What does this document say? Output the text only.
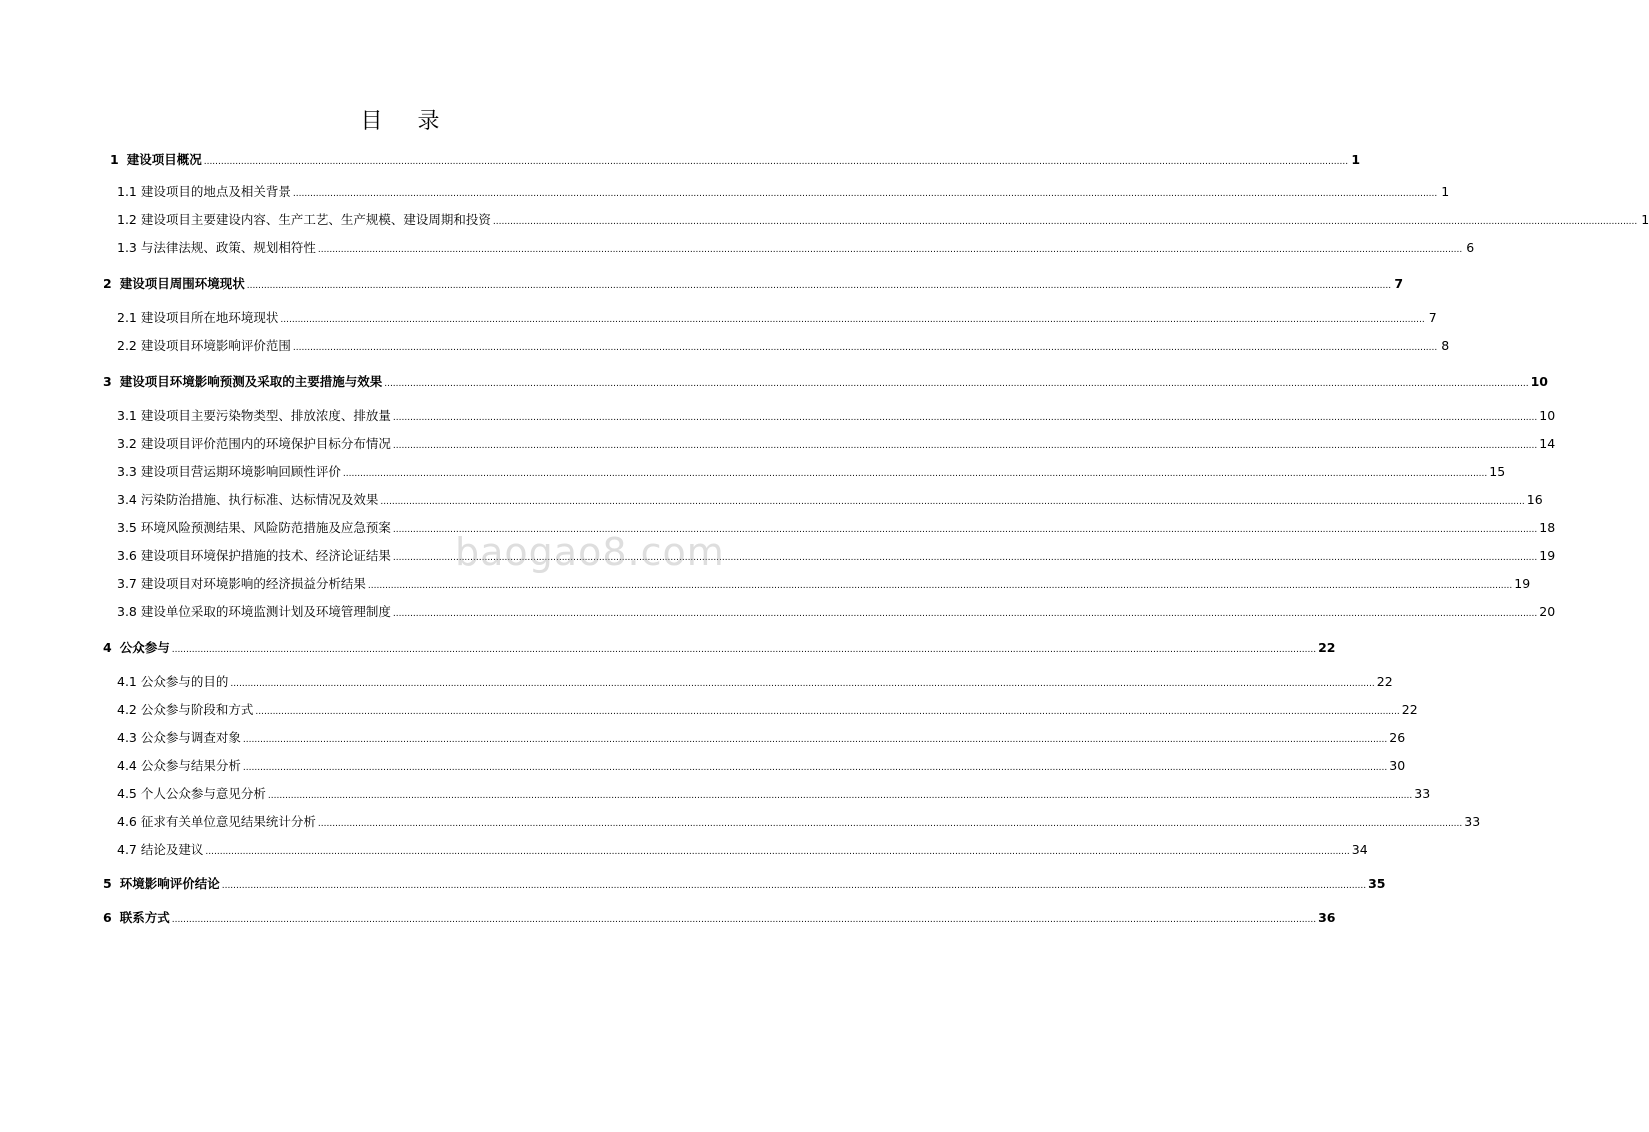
目 录
1 建设项目概况 ................................................................................................................................................................................................................................................................................................................................................................................................................ 1
1.1 建设项目的地点及相关背景 ................................................................................................................................................................................................................................................................................................................................................................................................................ 1
1.2 建设项目主要建设内容、生产工艺、生产规模、建设周期和投资 ................................................................................................................................................................................................................................................................................................................................................................................................................ 1
1.3 与法律法规、政策、规划相符性 ................................................................................................................................................................................................................................................................................................................................................................................................................ 6
2 建设项目周围环境现状 ................................................................................................................................................................................................................................................................................................................................................................................................................ 7
2.1 建设项目所在地环境现状 ................................................................................................................................................................................................................................................................................................................................................................................................................ 7
2.2 建设项目环境影响评价范围 ................................................................................................................................................................................................................................................................................................................................................................................................................ 8
3 建设项目环境影响预测及采取的主要措施与效果 ................................................................................................................................................................................................................................................................................................................................................................................................................ 10
3.1 建设项目主要污染物类型、排放浓度、排放量 ................................................................................................................................................................................................................................................................................................................................................................................................................ 10
3.2 建设项目评价范围内的环境保护目标分布情况 ................................................................................................................................................................................................................................................................................................................................................................................................................ 14
3.3 建设项目营运期环境影响回顾性评价 ................................................................................................................................................................................................................................................................................................................................................................................................................ 15
3.4 污染防治措施、执行标准、达标情况及效果 ................................................................................................................................................................................................................................................................................................................................................................................................................ 16
3.5 环境风险预测结果、风险防范措施及应急预案 ................................................................................................................................................................................................................................................................................................................................................................................................................ 18
3.6 建设项目环境保护措施的技术、经济论证结果 ................................................................................................................................................................................................................................................................................................................................................................................................................ 19
3.7 建设项目对环境影响的经济损益分析结果 ................................................................................................................................................................................................................................................................................................................................................................................................................ 19
3.8 建设单位采取的环境监测计划及环境管理制度 ................................................................................................................................................................................................................................................................................................................................................................................................................ 20
4 公众参与 ................................................................................................................................................................................................................................................................................................................................................................................................................ 22
4.1 公众参与的目的 ................................................................................................................................................................................................................................................................................................................................................................................................................ 22
4.2 公众参与阶段和方式 ................................................................................................................................................................................................................................................................................................................................................................................................................ 22
4.3 公众参与调查对象 ................................................................................................................................................................................................................................................................................................................................................................................................................ 26
4.4 公众参与结果分析 ................................................................................................................................................................................................................................................................................................................................................................................................................ 30
4.5 个人公众参与意见分析 ................................................................................................................................................................................................................................................................................................................................................................................................................ 33
4.6 征求有关单位意见结果统计分析 ................................................................................................................................................................................................................................................................................................................................................................................................................ 33
4.7 结论及建议 ................................................................................................................................................................................................................................................................................................................................................................................................................ 34
5 环境影响评价结论 ................................................................................................................................................................................................................................................................................................................................................................................................................ 35
6 联系方式 ................................................................................................................................................................................................................................................................................................................................................................................................................ 36
baogao8.com
